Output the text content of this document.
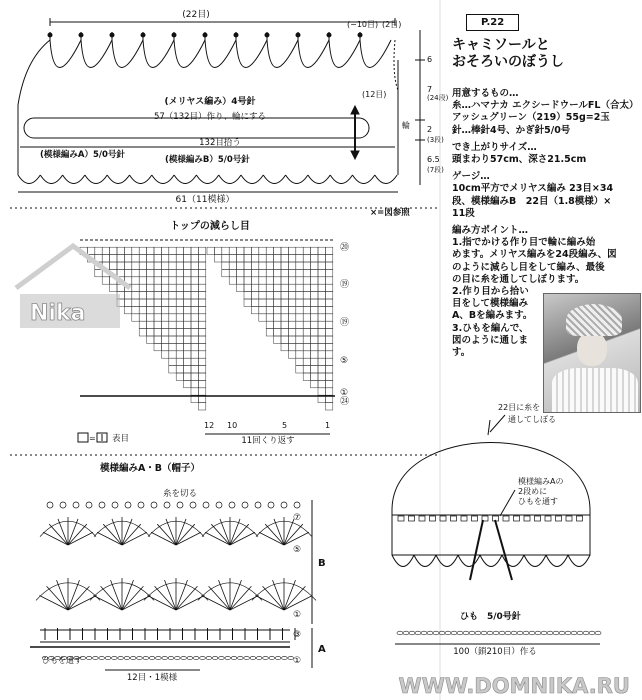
(22目)
(−10目) (2目)
(12目)
(メリヤス編み）4号針
57（132目）作り、輪にする
132目拾う
輪
(模様編みA）5/0号針	(模様編みB）5/0号針
61（11模様）
6
(24段)
7
2
(3段)
(7段)
6.5
トップの減らし目
×=図参照
⑳
⑲
⑲
⑤
①
㉔
12 10	5	1
11回くり返す
= 表目
模様編みA・B（帽子）
糸を切る
⑦
⑤
①
③
①
B
A
ひもを通す
12目・1模様
22目に糸を
通してしぼる
模様編みAの
2段めに
ひもを通す
ひも　5/0号針
100（鎖210目）作る
WWW.DOMNIKA.RU
Nika
P.22
キャミソールと
おそろいのぼうし
用意するもの…
糸…ハマナカ エクシードウールFL（合太）
アッシュグリーン（219）55g=2玉
針…棒針4号、かぎ針5/0号
でき上がりサイズ…
頭まわり57cm、深さ21.5cm
ゲージ…
10cm平方でメリヤス編み 23目×34
段、模様編みB　22目（1.8模様）×
11段
編み方ポイント…
1.指でかける作り目で輪に編み始
めます。メリヤス編みを24段編み、図
のように減らし目をして編み、最後
の目に糸を通してしぼります。
2.作り目から拾い
目をして模様編み
A、Bを編みます。
3.ひもを編んで、
図のように通しま
す。
